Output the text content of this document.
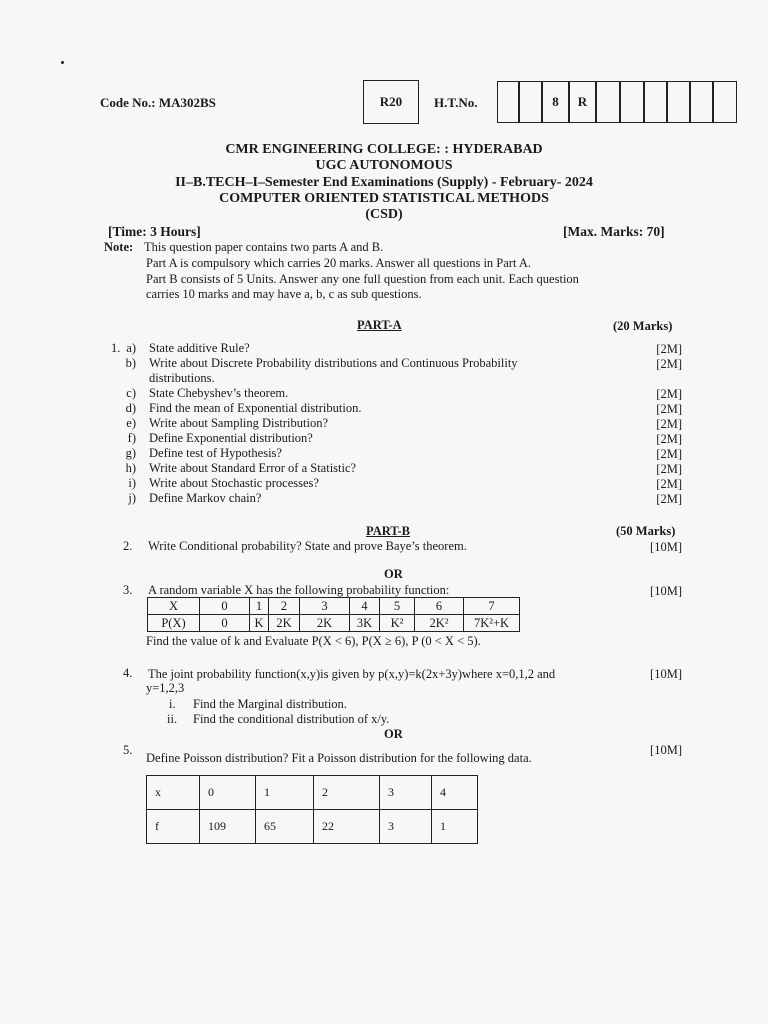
Code No.: MA302BS	R20	H.T.No.	8	R
CMR ENGINEERING COLLEGE: : HYDERABAD
UGC AUTONOMOUS
II–B.TECH–I–Semester End Examinations (Supply) - February- 2024
COMPUTER ORIENTED STATISTICAL METHODS
(CSD)
[Time: 3 Hours]	[Max. Marks: 70]
Note: This question paper contains two parts A and B.
Part A is compulsory which carries 20 marks. Answer all questions in Part A.
Part B consists of 5 Units. Answer any one full question from each unit. Each question
carries 10 marks and may have a, b, c as sub questions.
PART-A	(20 Marks)
1. a) State additive Rule?	[2M]
b) Write about Discrete Probability distributions and Continuous Probability
distributions.
[2M]
c) State Chebyshev’s theorem.	[2M]
d) Find the mean of Exponential distribution.	[2M]
e) Write about Sampling Distribution?	[2M]
f) Define Exponential distribution?	[2M]
g) Define test of Hypothesis?	[2M]
h) Write about Standard Error of a Statistic?	[2M]
i) Write about Stochastic processes?	[2M]
j) Define Markov chain?	[2M]
PART-B	(50 Marks)
2. Write Conditional probability? State and prove Baye’s theorem.	[10M]
OR
3. A random variable X has the following probability function:	[10M]
X	0	1	2	3	4	5	6	7
P(X)	0	K	2K	2K	3K	K²	2K²	7K²+K
Find the value of k and Evaluate P(X < 6), P(X ≥ 6), P (0 < X < 5).
4. The joint probability function(x,y)is given by p(x,y)=k(2x+3y)where x=0,1,2 and	[10M]
y=1,2,3
i. Find the Marginal distribution.
ii. Find the conditional distribution of x/y.
OR
5.
Define Poisson distribution? Fit a Poisson distribution for the following data.
[10M]
x	0	1	2	3	4
f	109	65	22	3	1
